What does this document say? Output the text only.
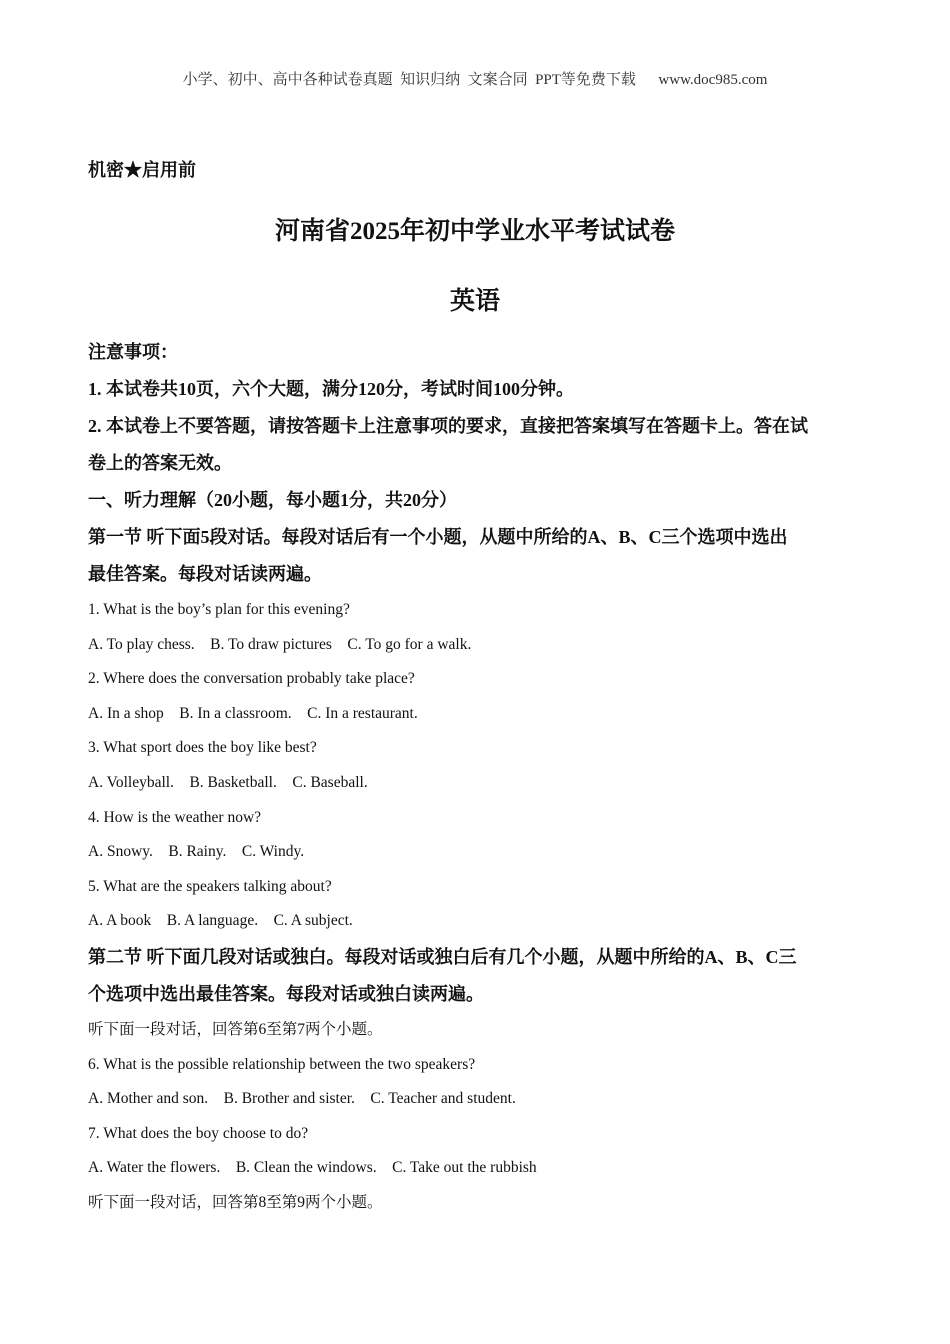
小学、初中、高中各种试卷真题  知识归纳  文案合同  PPT等免费下载      www.doc985.com
机密★启用前
河南省2025年初中学业水平考试试卷
英语

注意事项：

1. 本试卷共10页，六个大题，满分120分，考试时间100分钟。

2. 本试卷上不要答题，请按答题卡上注意事项的要求，直接把答案填写在答题卡上。答在试

卷上的答案无效。

一、听力理解（20小题，每小题1分，共20分）

第一节 听下面5段对话。每段对话后有一个小题，从题中所给的A、B、C三个选项中选出

最佳答案。每段对话读两遍。

1. What is the boy’s plan for this evening?

A. To play chess.    B. To draw pictures    C. To go for a walk.

2. Where does the conversation probably take place?

A. In a shop    B. In a classroom.    C. In a restaurant.

3. What sport does the boy like best?

A. Volleyball.    B. Basketball.    C. Baseball.

4. How is the weather now?

A. Snowy.    B. Rainy.    C. Windy.

5. What are the speakers talking about?

A. A book    B. A language.    C. A subject.

第二节 听下面几段对话或独白。每段对话或独白后有几个小题，从题中所给的A、B、C三

个选项中选出最佳答案。每段对话或独白读两遍。

听下面一段对话，回答第6至第7两个小题。

6. What is the possible relationship between the two speakers?

A. Mother and son.    B. Brother and sister.    C. Teacher and student.

7. What does the boy choose to do?

A. Water the flowers.    B. Clean the windows.    C. Take out the rubbish

听下面一段对话，回答第8至第9两个小题。
